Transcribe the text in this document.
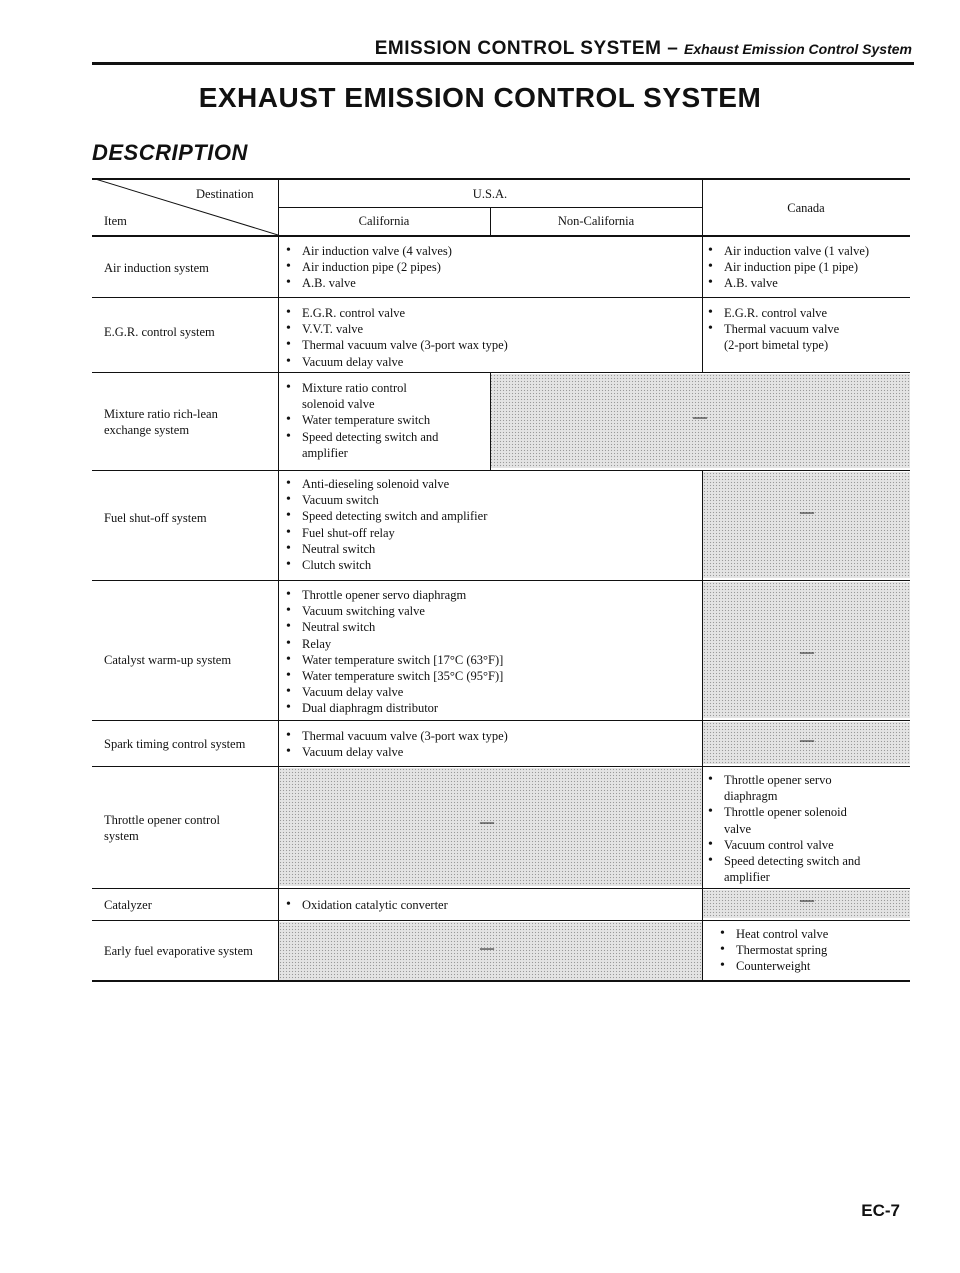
EMISSION CONTROL SYSTEM – Exhaust Emission Control System
EXHAUST EMISSION CONTROL SYSTEM
DESCRIPTION
Destination
Item
U.S.A.
California	Non-California
Canada
Air induction system
• Air induction valve (4 valves)
• Air induction pipe (2 pipes)
• A.B. valve
• Air induction valve (1 valve)
• Air induction pipe (1 pipe)
• A.B. valve
E.G.R. control system
• E.G.R. control valve
• V.V.T. valve
• Thermal vacuum valve (3-port wax type)
• Vacuum delay valve
• E.G.R. control valve
• Thermal vacuum valve
(2-port bimetal type)
Mixture ratio rich-lean
exchange system
• Mixture ratio control
solenoid valve
• Water temperature switch
• Speed detecting switch and
amplifier
—
Fuel shut-off system
• Anti-dieseling solenoid valve
• Vacuum switch
• Speed detecting switch and amplifier
• Fuel shut-off relay
• Neutral switch
• Clutch switch
—
Catalyst warm-up system
• Throttle opener servo diaphragm
• Vacuum switching valve
• Neutral switch
• Relay
• Water temperature switch [17°C (63°F)]
• Water temperature switch [35°C (95°F)]
• Vacuum delay valve
• Dual diaphragm distributor
—
Spark timing control system
• Thermal vacuum valve (3-port wax type)
• Vacuum delay valve
—
Throttle opener control
system
—
• Throttle opener servo
diaphragm
• Throttle opener solenoid
valve
• Vacuum control valve
• Speed detecting switch and
amplifier
Catalyzer
•	Oxidation catalytic converter	—
Early fuel evaporative system	—
• Heat control valve
• Thermostat spring
• Counterweight
EC-7
